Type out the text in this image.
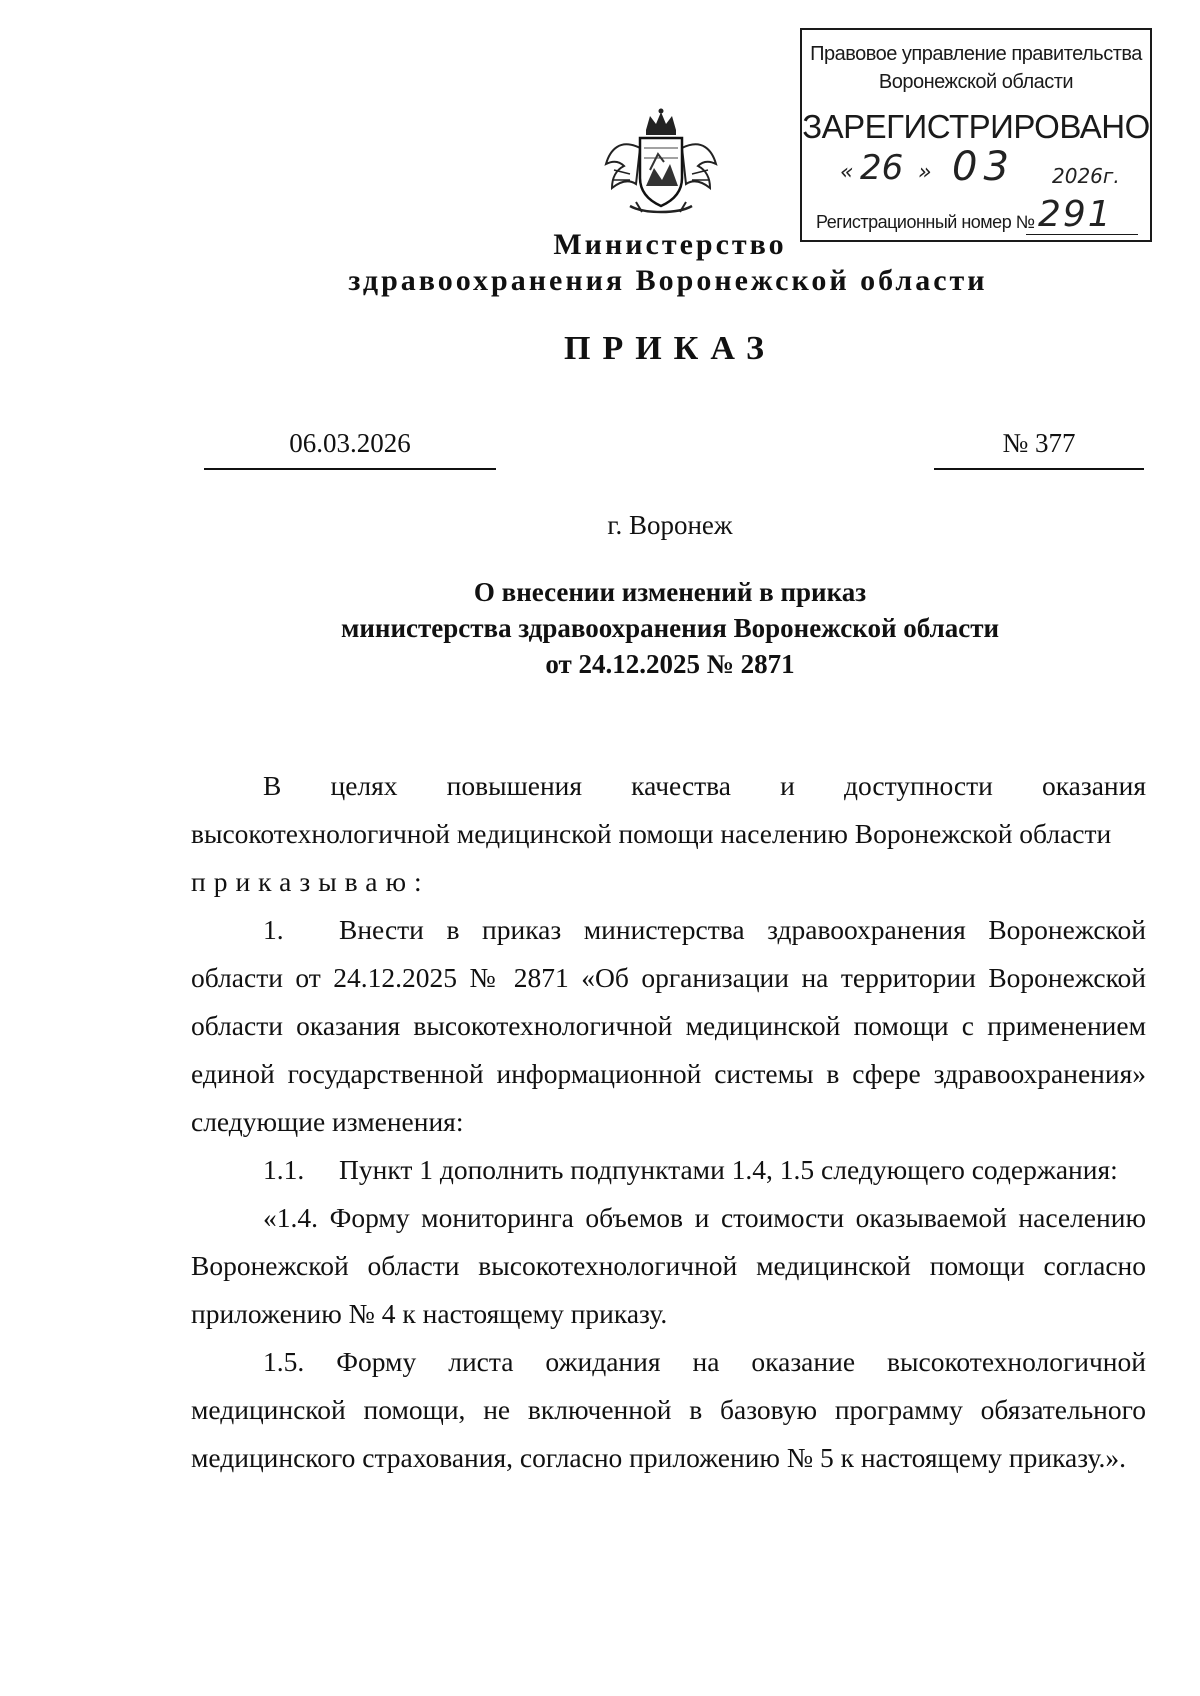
Правовое управление правительства
Воронежской области
ЗАРЕГИСТРИРОВАНО
« 26 » 03 2026г.
Регистрационный номер № 291
Министерство
здравоохранения Воронежской области
ПРИКАЗ
06.03.2026	№ 377
г. Воронеж
О внесении изменений в приказ
министерства здравоохранения Воронежской области
от 24.12.2025 № 2871

В целях повышения качества и доступности оказания высокотехнологичной медицинской помощи населению Воронежской области

приказываю:

1. Внести в приказ министерства здравоохранения Воронежской области от 24.12.2025 № 2871 «Об организации на территории Воронежской области оказания высокотехнологичной медицинской помощи с применением единой государственной информационной системы в сфере здравоохранения» следующие изменения:

1.1. Пункт 1 дополнить подпунктами 1.4, 1.5 следующего содержания:

«1.4. Форму мониторинга объемов и стоимости оказываемой населению Воронежской области высокотехнологичной медицинской помощи согласно приложению № 4 к настоящему приказу.

1.5. Форму листа ожидания на оказание высокотехнологичной медицинской помощи, не включенной в базовую программу обязательного медицинского страхования, согласно приложению № 5 к настоящему приказу.».
